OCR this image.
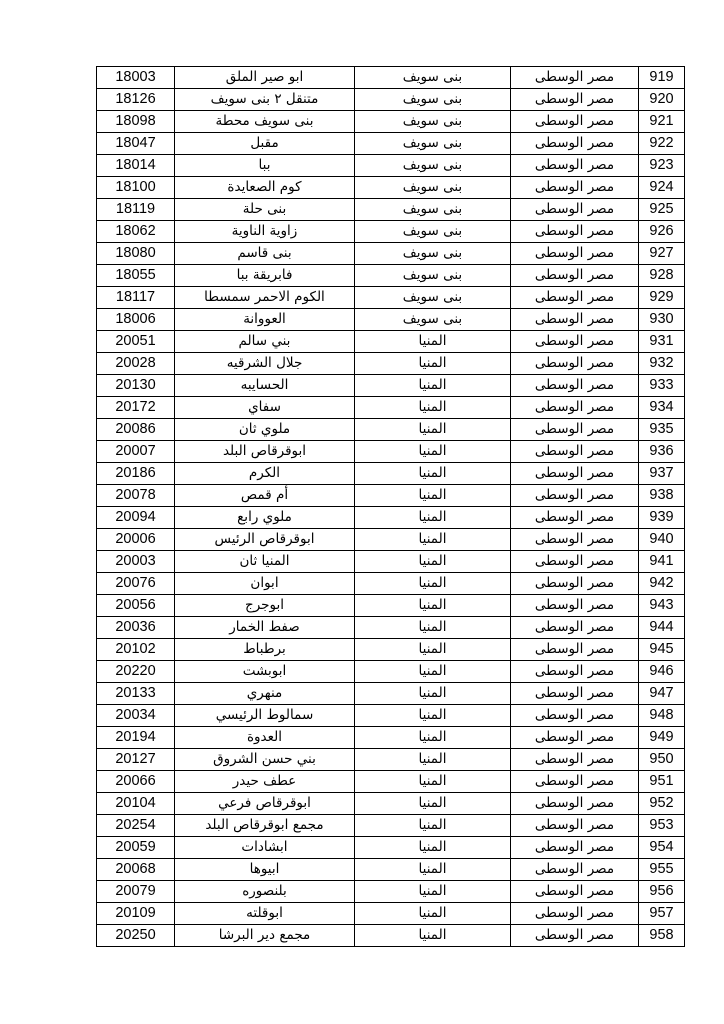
18003	ابو صير الملق	بنى سويف	مصر الوسطى	919
18126	متنقل ٢ بنى سويف	بنى سويف	مصر الوسطى	920
18098	بنى سويف محطة	بنى سويف	مصر الوسطى	921
18047	مقبل	بنى سويف	مصر الوسطى	922
18014	ببا	بنى سويف	مصر الوسطى	923
18100	كوم الصعايدة	بنى سويف	مصر الوسطى	924
18119	بنى حلة	بنى سويف	مصر الوسطى	925
18062	زاوية الناوية	بنى سويف	مصر الوسطى	926
18080	بنى قاسم	بنى سويف	مصر الوسطى	927
18055	فابريقة ببا	بنى سويف	مصر الوسطى	928
18117	الكوم الاحمر سمسطا	بنى سويف	مصر الوسطى	929
18006	العووانة	بنى سويف	مصر الوسطى	930
20051	بني سالم	المنيا	مصر الوسطى	931
20028	جلال الشرقيه	المنيا	مصر الوسطى	932
20130	الحسايبه	المنيا	مصر الوسطى	933
20172	سفاي	المنيا	مصر الوسطى	934
20086	ملوي ثان	المنيا	مصر الوسطى	935
20007	ابوقرقاص البلد	المنيا	مصر الوسطى	936
20186	الكرم	المنيا	مصر الوسطى	937
20078	أم قمص	المنيا	مصر الوسطى	938
20094	ملوي رابع	المنيا	مصر الوسطى	939
20006	ابوقرقاص الرئيس	المنيا	مصر الوسطى	940
20003	المنيا ثان	المنيا	مصر الوسطى	941
20076	ابوان	المنيا	مصر الوسطى	942
20056	ابوجرج	المنيا	مصر الوسطى	943
20036	صفط الخمار	المنيا	مصر الوسطى	944
20102	برطباط	المنيا	مصر الوسطى	945
20220	ابوبشت	المنيا	مصر الوسطى	946
20133	منهري	المنيا	مصر الوسطى	947
20034	سمالوط الرئيسي	المنيا	مصر الوسطى	948
20194	العدوة	المنيا	مصر الوسطى	949
20127	بني حسن الشروق	المنيا	مصر الوسطى	950
20066	عطف حيدر	المنيا	مصر الوسطى	951
20104	ابوقرقاص فرعي	المنيا	مصر الوسطى	952
20254	مجمع ابوقرقاص البلد	المنيا	مصر الوسطى	953
20059	ابشادات	المنيا	مصر الوسطى	954
20068	ابيوها	المنيا	مصر الوسطى	955
20079	بلنصوره	المنيا	مصر الوسطى	956
20109	ابوقلته	المنيا	مصر الوسطى	957
20250	مجمع دير البرشا	المنيا	مصر الوسطى	958
